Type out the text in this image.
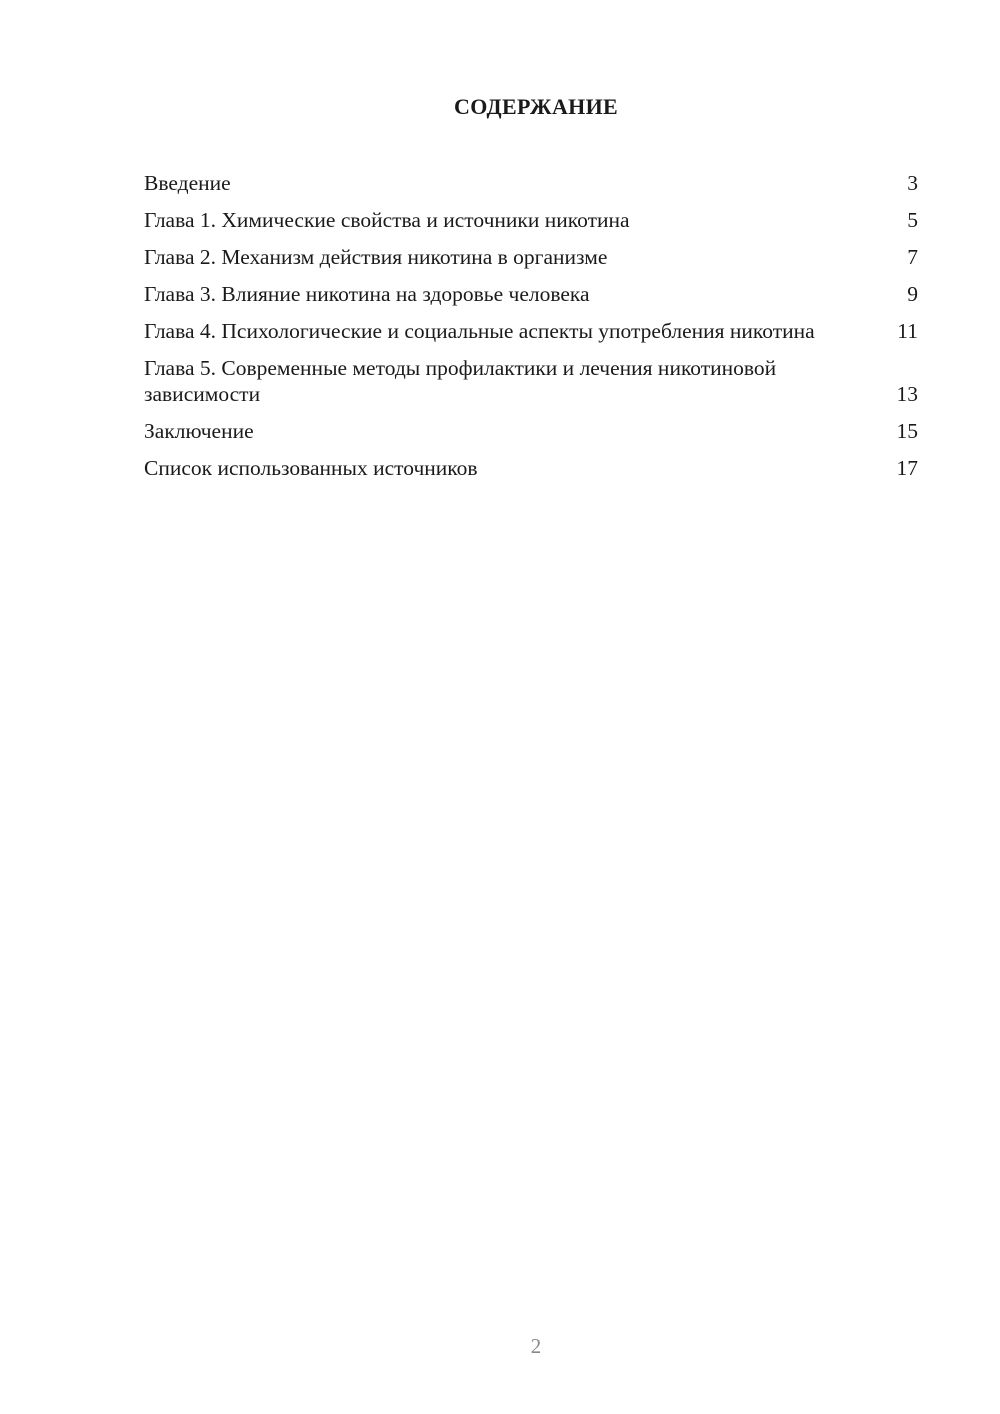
СОДЕРЖАНИЕ
Введение	3
Глава 1. Химические свойства и источники никотина	5
Глава 2. Механизм действия никотина в организме	7
Глава 3. Влияние никотина на здоровье человека	9
Глава 4. Психологические и социальные аспекты употребления никотина	11
Глава 5. Современные методы профилактики и лечения никотиновой зависимости	13
Заключение	15
Список использованных источников	17
2
